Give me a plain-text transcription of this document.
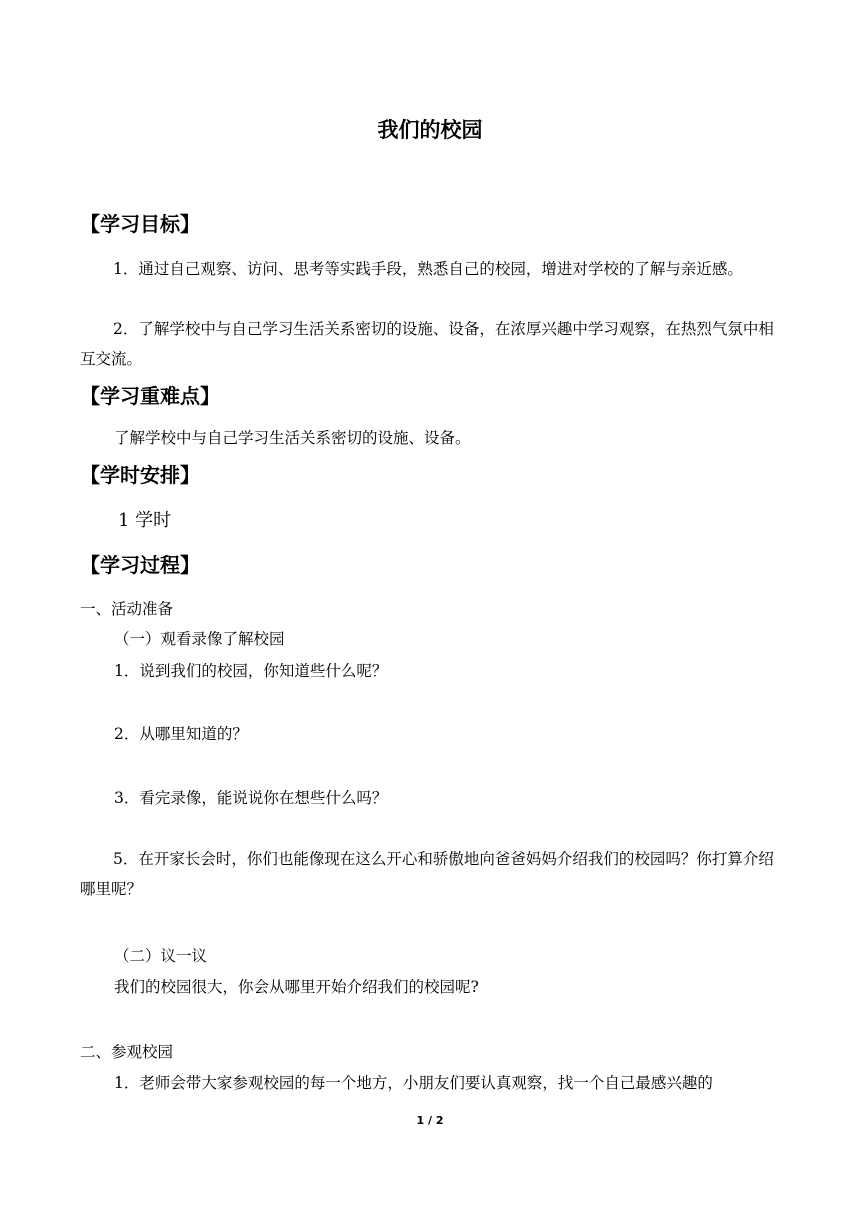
我们的校园
【学习目标】
1．通过自己观察、访问、思考等实践手段，熟悉自己的校园，增进对学校的了解与亲近感。
2．了解学校中与自己学习生活关系密切的设施、设备，在浓厚兴趣中学习观察，在热烈气氛中相互交流。
【学习重难点】
了解学校中与自己学习生活关系密切的设施、设备。
【学时安排】
1 学时
【学习过程】
一、活动准备
（一）观看录像了解校园
1．说到我们的校园，你知道些什么呢？
2．从哪里知道的？
3．看完录像，能说说你在想些什么吗？
5．在开家长会时，你们也能像现在这么开心和骄傲地向爸爸妈妈介绍我们的校园吗？你打算介绍哪里呢？
（二）议一议
我们的校园很大，你会从哪里开始介绍我们的校园呢?
二、参观校园
1．老师会带大家参观校园的每一个地方，小朋友们要认真观察，找一个自己最感兴趣的
1 / 2
